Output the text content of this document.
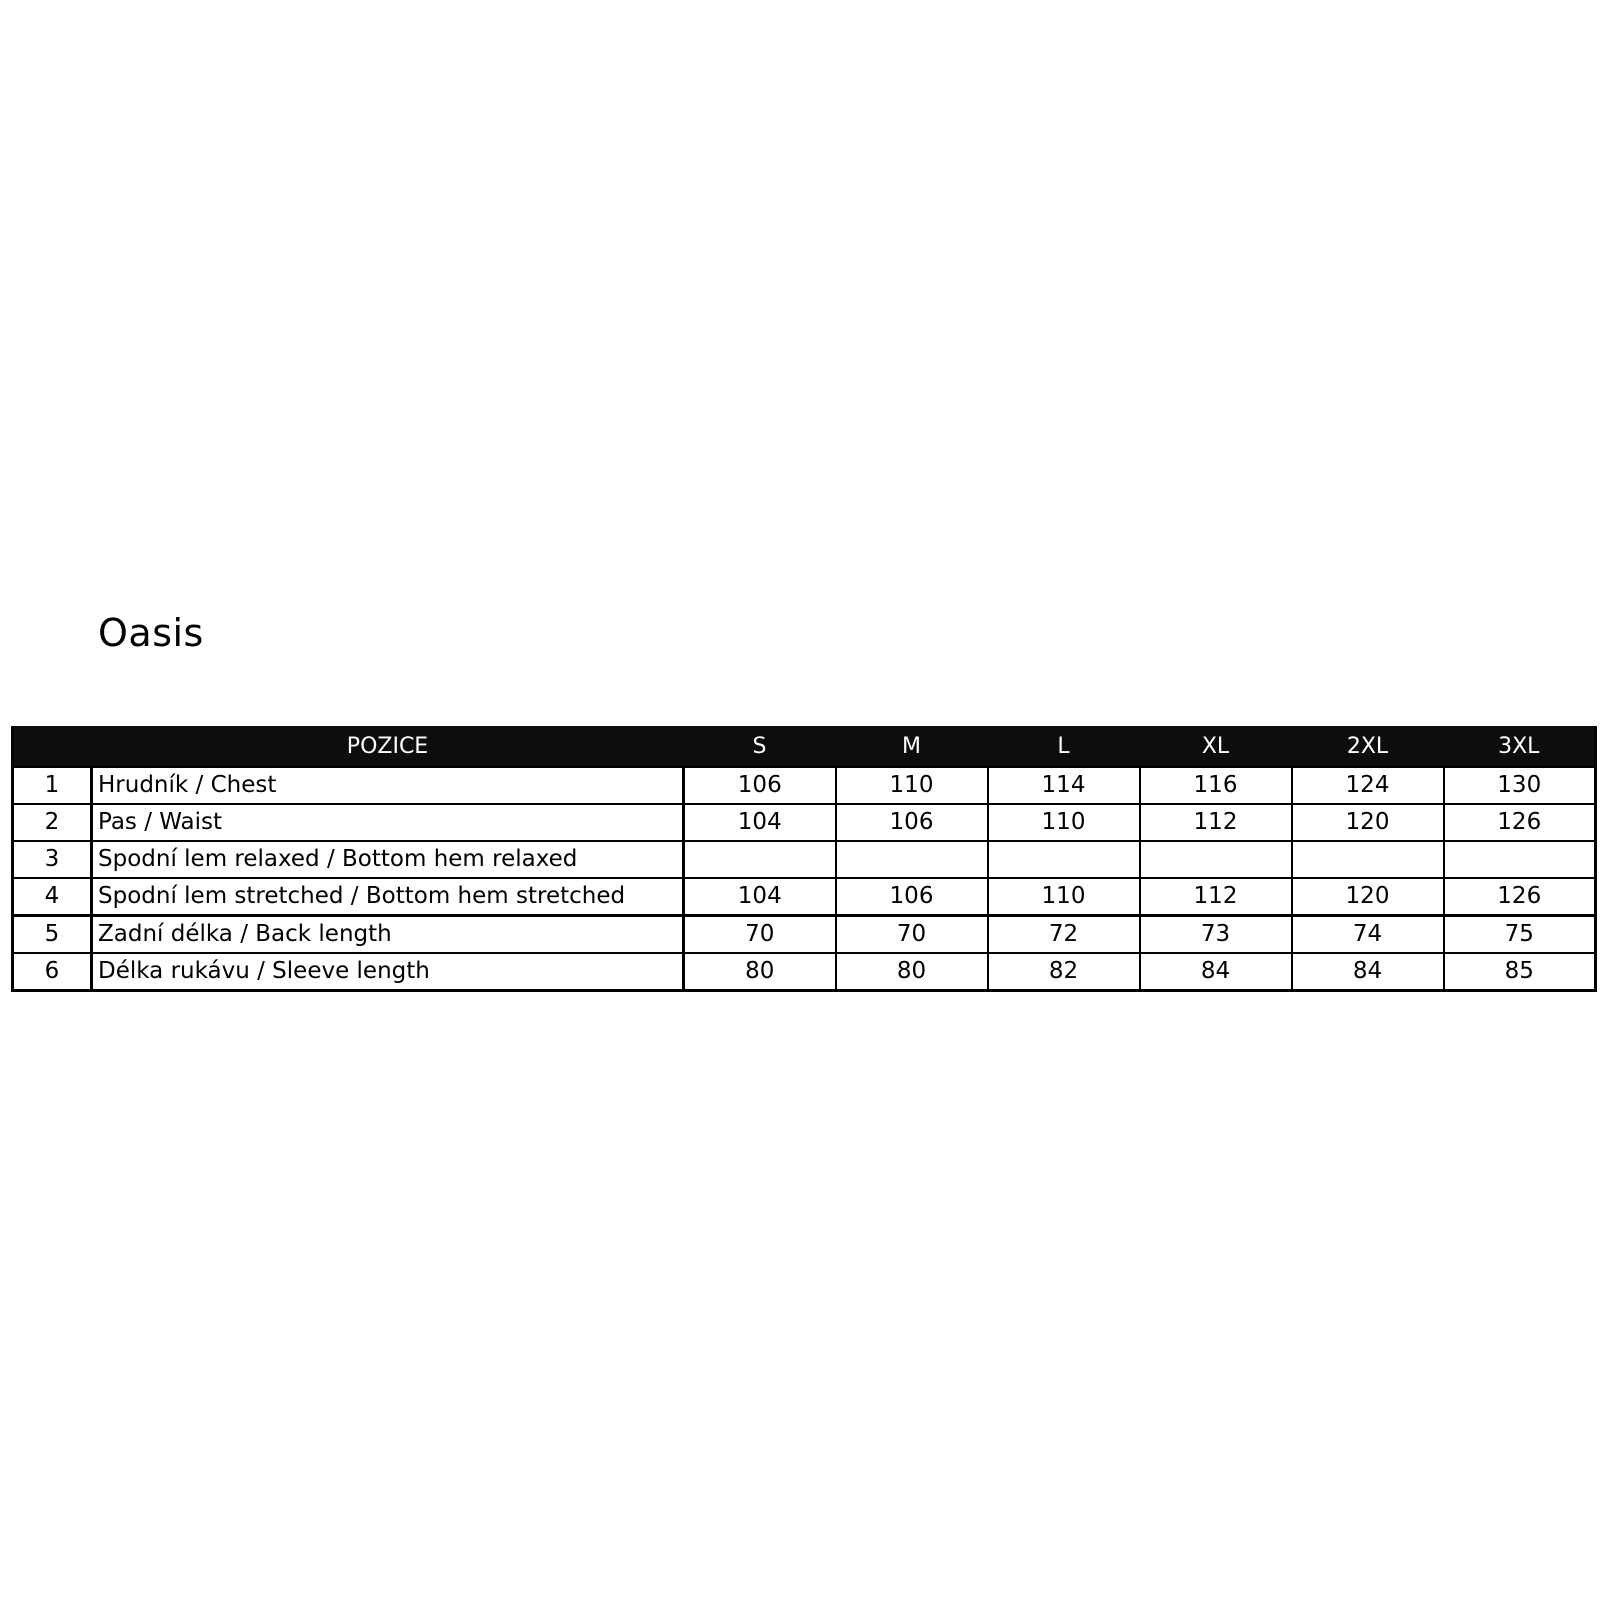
Oasis
	POZICE	S	M	L	XL	2XL	3XL
1	Hrudník / Chest	106	110	114	116	124	130
2	Pas / Waist	104	106	110	112	120	126
3	Spodní lem relaxed / Bottom hem relaxed						
4	Spodní lem stretched / Bottom hem stretched	104	106	110	112	120	126
5	Zadní délka / Back length	70	70	72	73	74	75
6	Délka rukávu / Sleeve length	80	80	82	84	84	85
